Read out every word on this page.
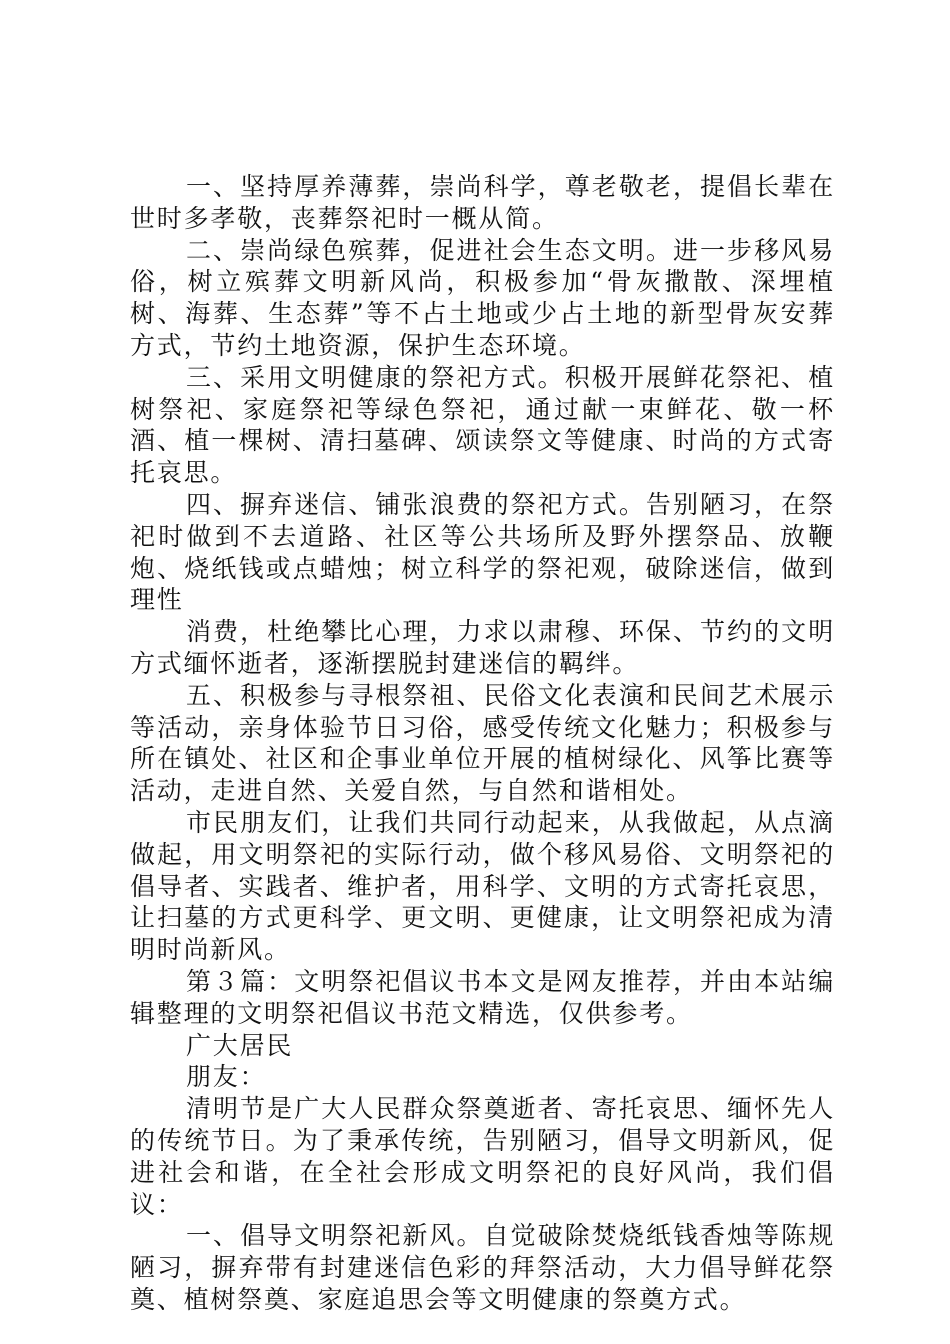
一、坚持厚养薄葬，崇尚科学，尊老敬老，提倡长辈在世时多孝敬，丧葬祭祀时一概从简。

二、崇尚绿色殡葬，促进社会生态文明。进一步移风易俗，树立殡葬文明新风尚，积极参加“骨灰撒散、深埋植树、海葬、生态葬”等不占土地或少占土地的新型骨灰安葬方式，节约土地资源，保护生态环境。

三、采用文明健康的祭祀方式。积极开展鲜花祭祀、植树祭祀、家庭祭祀等绿色祭祀，通过献一束鲜花、敬一杯酒、植一棵树、清扫墓碑、颂读祭文等健康、时尚的方式寄托哀思。

四、摒弃迷信、铺张浪费的祭祀方式。告别陋习，在祭祀时做到不去道路、社区等公共场所及野外摆祭品、放鞭炮、烧纸钱或点蜡烛；树立科学的祭祀观，破除迷信，做到理性

消费，杜绝攀比心理，力求以肃穆、环保、节约的文明方式缅怀逝者，逐渐摆脱封建迷信的羁绊。

五、积极参与寻根祭祖、民俗文化表演和民间艺术展示等活动，亲身体验节日习俗，感受传统文化魅力；积极参与所在镇处、社区和企事业单位开展的植树绿化、风筝比赛等活动，走进自然、关爱自然，与自然和谐相处。

市民朋友们，让我们共同行动起来，从我做起，从点滴做起，用文明祭祀的实际行动，做个移风易俗、文明祭祀的倡导者、实践者、维护者，用科学、文明的方式寄托哀思，让扫墓的方式更科学、更文明、更健康，让文明祭祀成为清明时尚新风。

第３篇：文明祭祀倡议书本文是网友推荐，并由本站编辑整理的文明祭祀倡议书范文精选，仅供参考。

广大居民

朋友：

清明节是广大人民群众祭奠逝者、寄托哀思、缅怀先人的传统节日。为了秉承传统，告别陋习，倡导文明新风，促进社会和谐，在全社会形成文明祭祀的良好风尚，我们倡议：

一、倡导文明祭祀新风。自觉破除焚烧纸钱香烛等陈规陋习，摒弃带有封建迷信色彩的拜祭活动，大力倡导鲜花祭奠、植树祭奠、家庭追思会等文明健康的祭奠方式。
